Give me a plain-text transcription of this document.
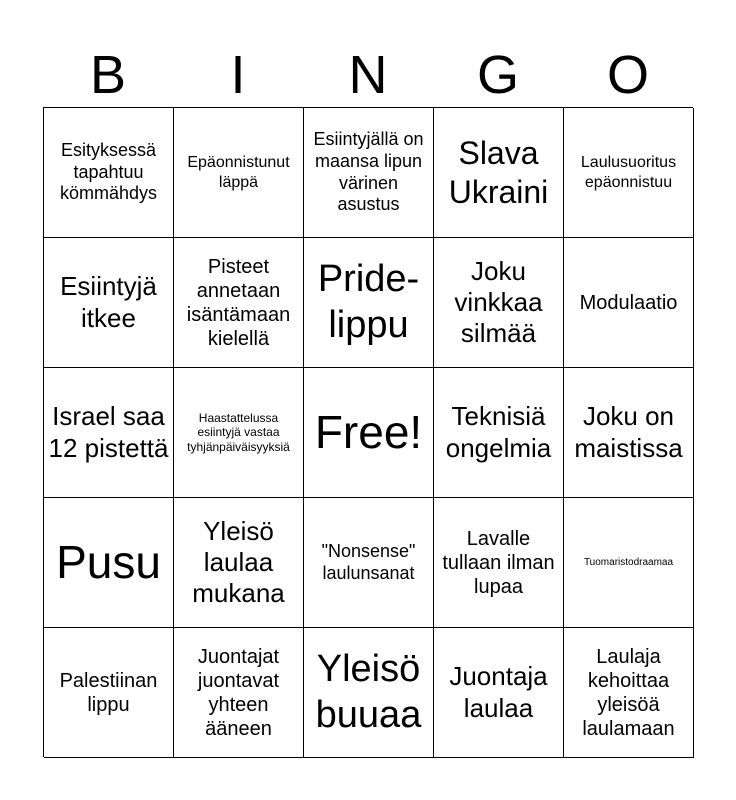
B	I	N	G	O
Esityksessä tapahtuu kömmähdys
Epäonnistunut läppä
Esiintyjällä on maansa lipun värinen asustus
Slava Ukraini
Laulusuoritus epäonnistuu
Esiintyjä itkee
Pisteet annetaan isäntämaan kielellä
Pride-lippu
Joku vinkkaa silmää
Modulaatio
Israel saa 12 pistettä
Haastattelussa esiintyjä vastaa tyhjänpäiväisyyksiä Free!	Teknisiä ongelmia
Joku on maistissa
Pusu
Yleisö laulaa mukana
"Nonsense" laulunsanat
Lavalle tullaan ilman lupaa
Tuomaristodraamaa
Palestiinan lippu
Juontajat juontavat yhteen ääneen
Yleisö buuaa
Juontaja laulaa
Laulaja kehoittaa yleisöä laulamaan
